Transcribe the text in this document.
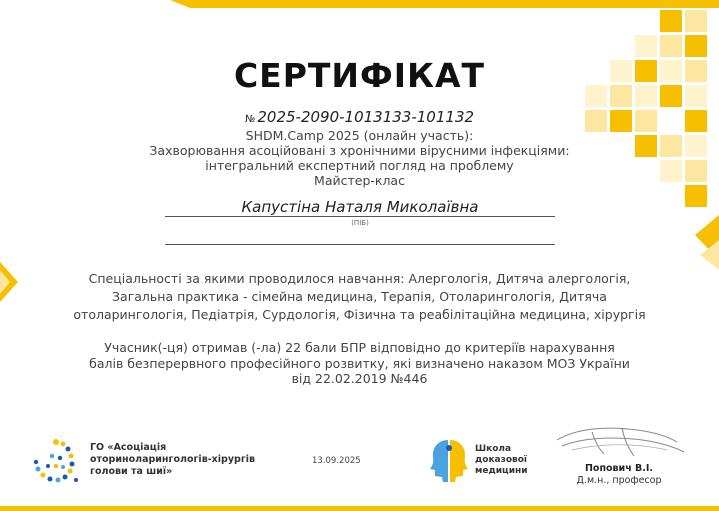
СЕРТИФІКАТ
№ 2025-2090-1013133-101132
SHDM.Camp 2025 (онлайн участь):
Захворювання асоційовані з хронічними вірусними інфекціями:
інтегральний експертний погляд на проблему
Майстер-клас
Капустіна Наталя Миколаївна
(ПІБ)
Спеціальності за якими проводилося навчання: Алергологія, Дитяча алергологія,
Загальна практика - сімейна медицина, Терапія, Отоларингологія, Дитяча
отоларингологія, Педіатрія, Сурдологія, Фізична та реабілітаційна медицина, хірургія
Учасник(-ця) отримав (-ла) 22 бали БПР відповідно до критеріїв нарахування
балів безперервного професійного розвитку, які визначено наказом МОЗ України
від 22.02.2019 №446
ГО «Асоціація
оториноларингологів-хірургів
голови та шиї»
13.09.2025
Школа
доказової
медицини	Попович В.І.
Д.м.н., професор
